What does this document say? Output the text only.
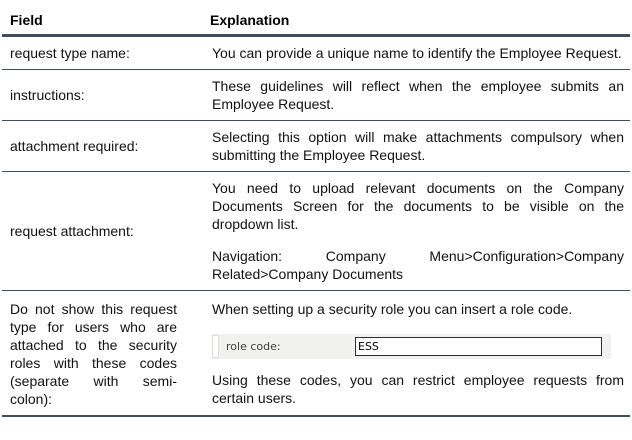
Field	Explanation
request type name:	You can provide a unique name to identify the Employee Request.

instructions:	These guidelines will reflect when the employee submits an Employee Request.

attachment required:	Selecting this option will make attachments compulsory when submitting the Employee Request.

request attachment:	You need to upload relevant documents on the Company Documents Screen for the documents to be visible on the dropdown list.

Navigation: Company Menu>Configuration>Company Related>Company Documents

Do not show this request type for users who are attached to the security roles with these codes (separate with semi-colon):	When setting up a security role you can insert a role code.

role code:
ESS

Using these codes, you can restrict employee requests from certain users.
